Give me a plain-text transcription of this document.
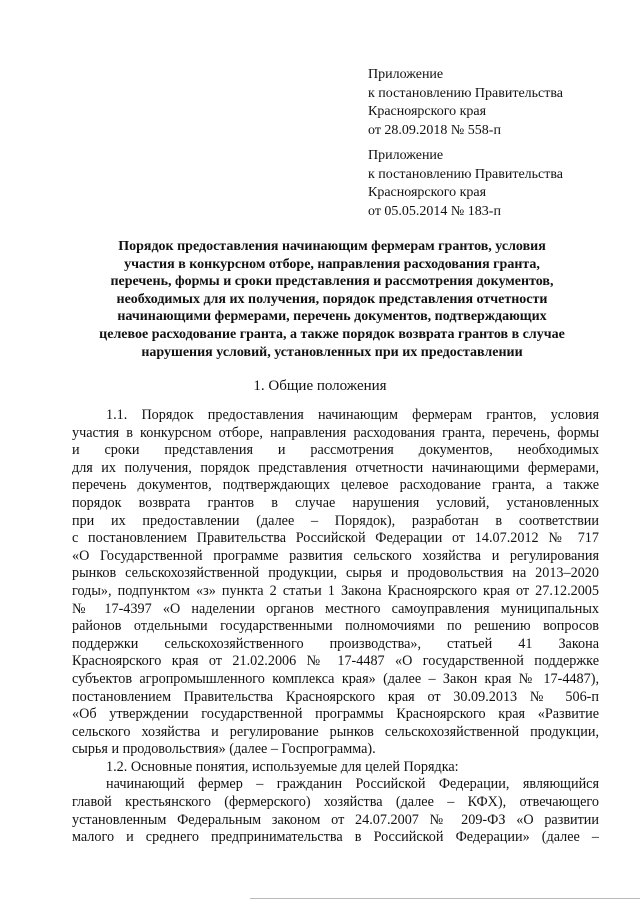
Приложение
к постановлению Правительства
Красноярского края
от 28.09.2018 № 558-п
Приложение
к постановлению Правительства
Красноярского края
от 05.05.2014 № 183-п
Порядок предоставления начинающим фермерам грантов, условия
участия в конкурсном отборе, направления расходования гранта,
перечень, формы и сроки представления и рассмотрения документов,
необходимых для их получения, порядок представления отчетности
начинающими фермерами, перечень документов, подтверждающих
целевое расходование гранта, а также порядок возврата грантов в случае
нарушения условий, установленных при их предоставлении
1. Общие положения
1.1. Порядок предоставления начинающим фермерам грантов, условия
участия в конкурсном отборе, направления расходования гранта, перечень, формы
и сроки представления и рассмотрения документов, необходимых
для их получения, порядок представления отчетности начинающими фермерами,
перечень документов, подтверждающих целевое расходование гранта, а также
порядок возврата грантов в случае нарушения условий, установленных
при их предоставлении (далее – Порядок), разработан в соответствии
с постановлением Правительства Российской Федерации от 14.07.2012 № 717
«О Государственной программе развития сельского хозяйства и регулирования
рынков сельскохозяйственной продукции, сырья и продовольствия на 2013–2020
годы», подпунктом «з» пункта 2 статьи 1 Закона Красноярского края от 27.12.2005
№ 17-4397 «О наделении органов местного самоуправления муниципальных
районов отдельными государственными полномочиями по решению вопросов
поддержки сельскохозяйственного производства», статьей 41 Закона
Красноярского края от 21.02.2006 № 17-4487 «О государственной поддержке
субъектов агропромышленного комплекса края» (далее – Закон края № 17-4487),
постановлением Правительства Красноярского края от 30.09.2013 № 506-п
«Об утверждении государственной программы Красноярского края «Развитие
сельского хозяйства и регулирование рынков сельскохозяйственной продукции,
сырья и продовольствия» (далее – Госпрограмма).
1.2. Основные понятия, используемые для целей Порядка:
начинающий фермер – гражданин Российской Федерации, являющийся
главой крестьянского (фермерского) хозяйства (далее – КФХ), отвечающего
установленным Федеральным законом от 24.07.2007 № 209-ФЗ «О развитии
малого и среднего предпринимательства в Российской Федерации» (далее –
